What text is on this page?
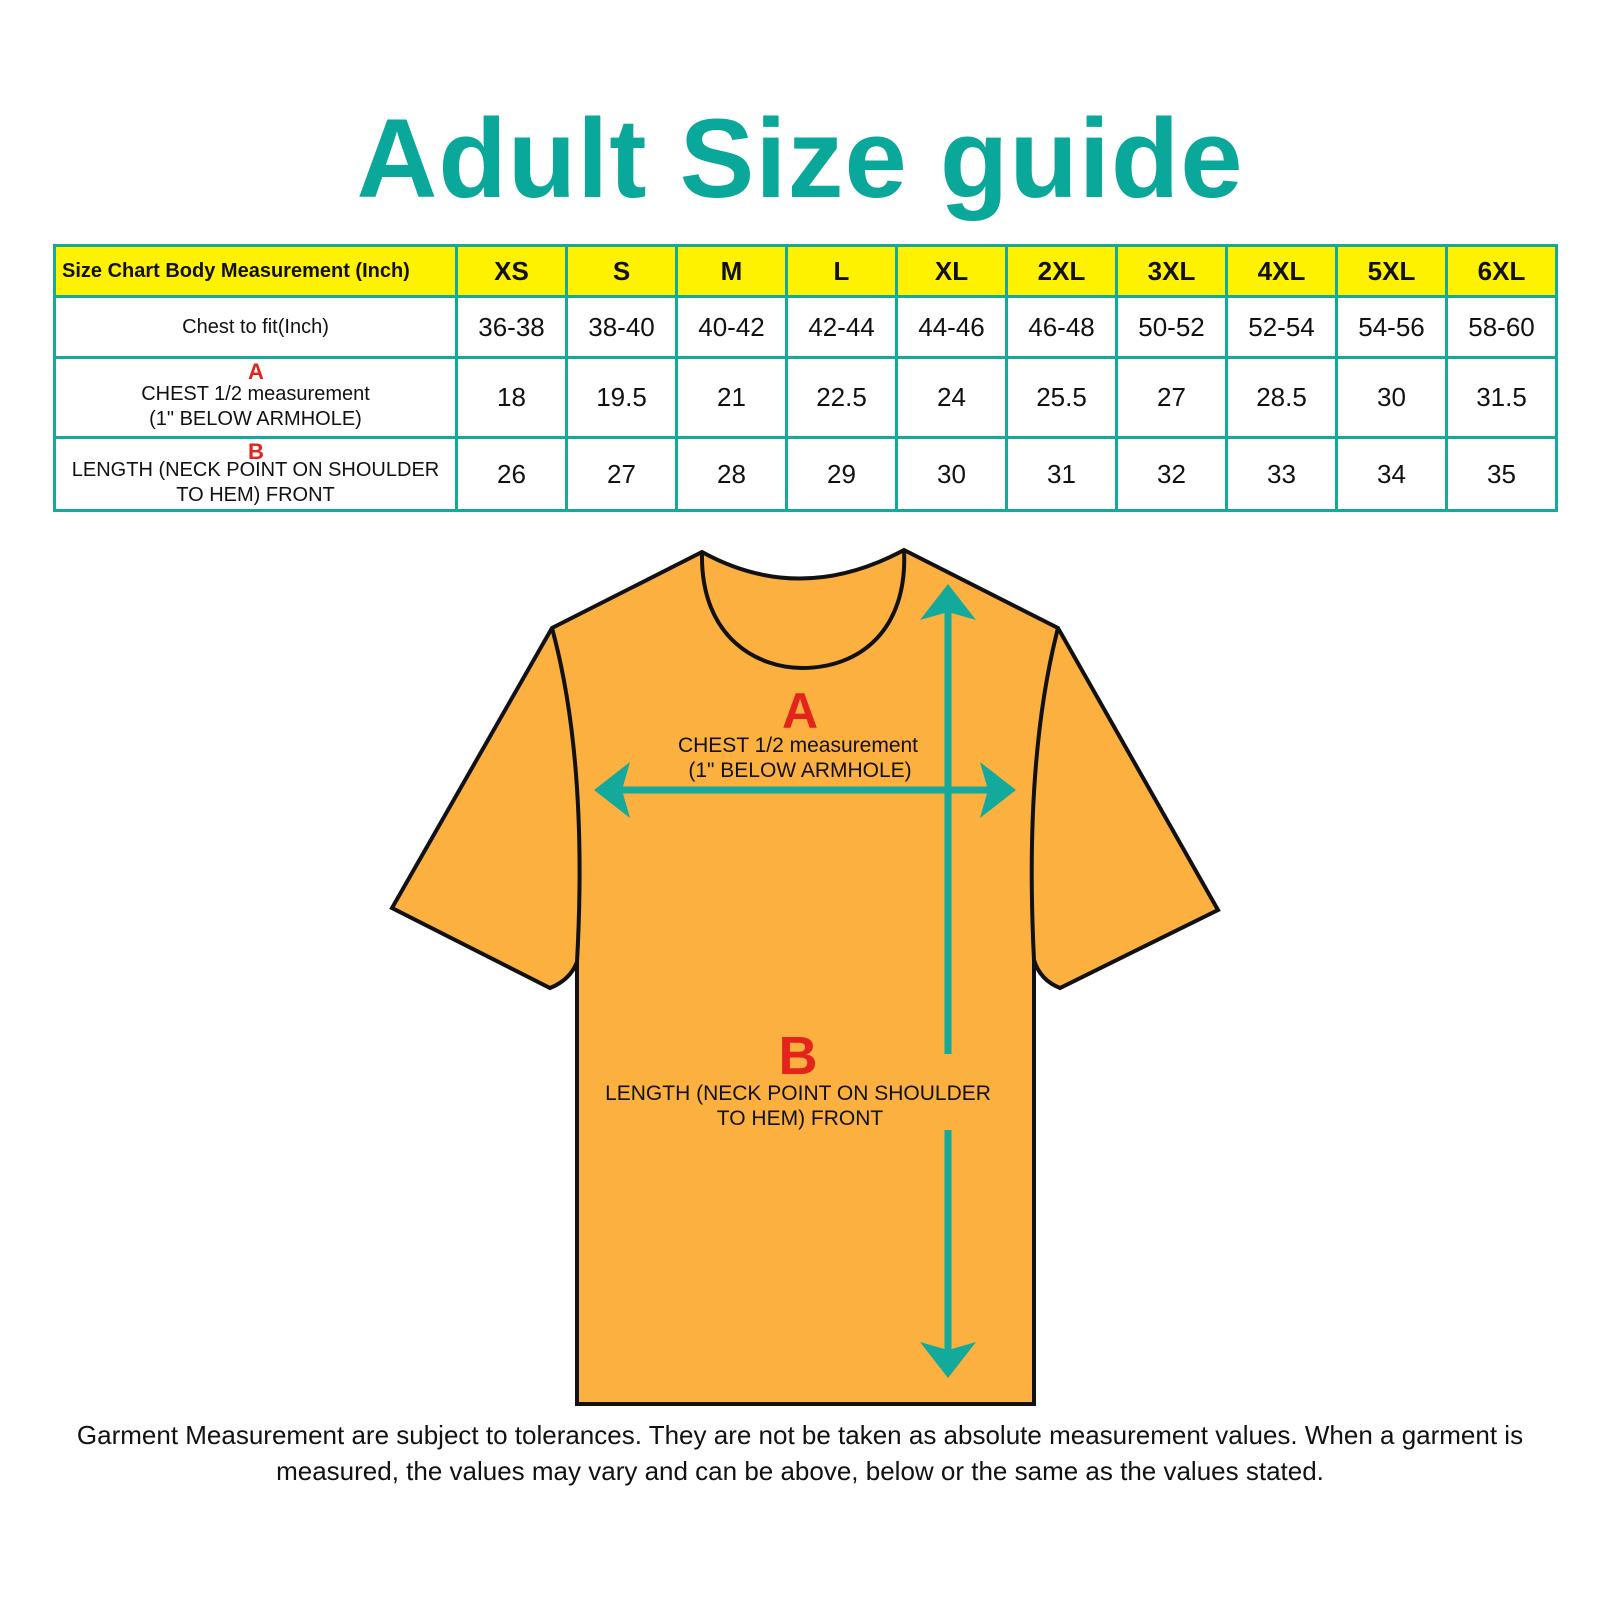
Adult Size guide
Size Chart Body Measurement (Inch)	XS	S	M	L	XL	2XL	3XL	4XL	5XL	6XL
Chest to fit(Inch)	36-38	38-40	40-42	42-44	44-46	46-48	50-52	52-54	54-56	58-60

A
CHEST 1/2 measurement
(1" BELOW ARMHOLE)	18	19.5	21	22.5	24	25.5	27	28.5	30	31.5

B
LENGTH (NECK POINT ON SHOULDER
TO HEM) FRONT	26	27	28	29	30	31	32	33	34	35
A
CHEST 1/2 measurement
(1" BELOW ARMHOLE)
B
LENGTH (NECK POINT ON SHOULDER
TO HEM) FRONT

Garment Measurement are subject to tolerances. They are not be taken as absolute measurement values. When a garment is measured, the values may vary and can be above, below or the same as the values stated.
